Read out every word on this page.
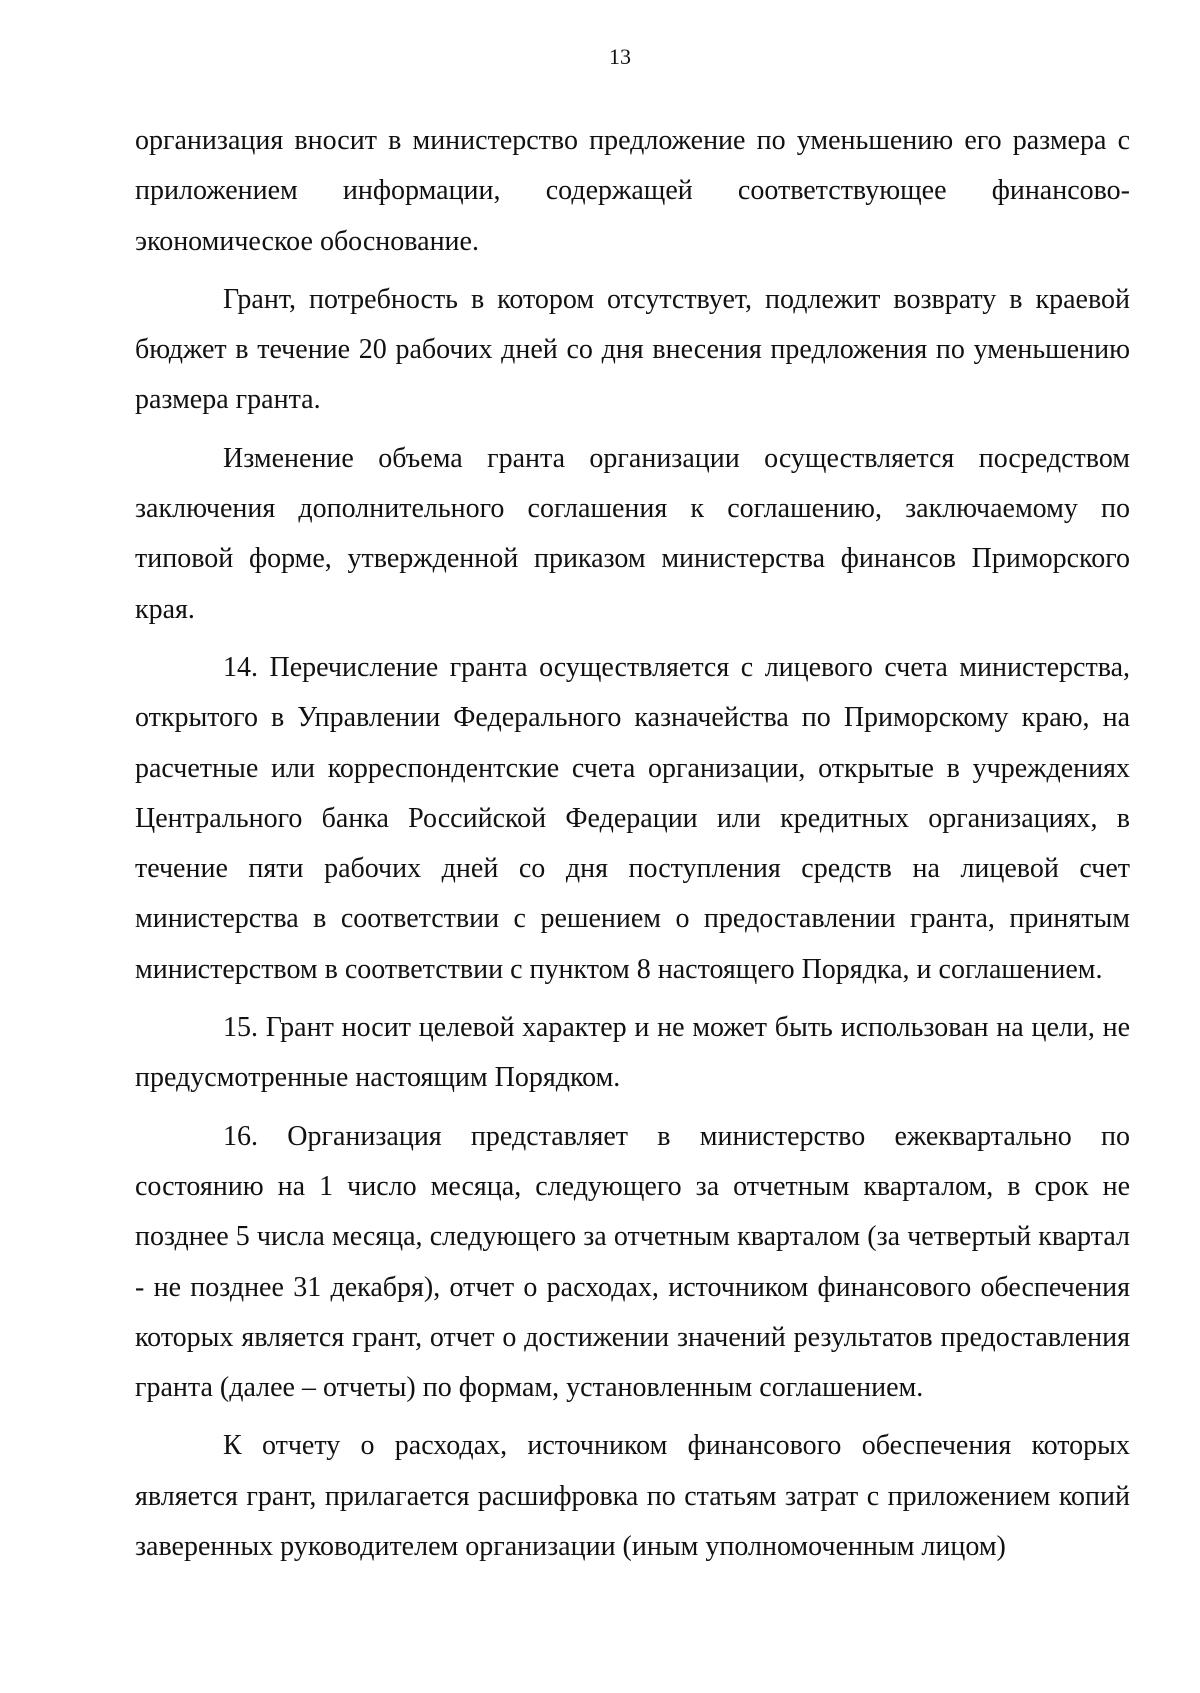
13

организация вносит в министерство предложение по уменьшению его размера с приложением информации, содержащей соответствующее финансово-экономическое обоснование.

Грант, потребность в котором отсутствует, подлежит возврату в краевой бюджет в течение 20 рабочих дней со дня внесения предложения по уменьшению размера гранта.

Изменение объема гранта организации осуществляется посредством заключения дополнительного соглашения к соглашению, заключаемому по типовой форме, утвержденной приказом министерства финансов Приморского края.

14. Перечисление гранта осуществляется с лицевого счета министерства, открытого в Управлении Федерального казначейства по Приморскому краю, на расчетные или корреспондентские счета организации, открытые в учреждениях Центрального банка Российской Федерации или кредитных организациях, в течение пяти рабочих дней со дня поступления средств на лицевой счет министерства в соответствии с решением о предоставлении гранта, принятым министерством в соответствии с пунктом 8 настоящего Порядка, и соглашением.

15. Грант носит целевой характер и не может быть использован на цели, не предусмотренные настоящим Порядком.

16. Организация представляет в министерство ежеквартально по состоянию на 1 число месяца, следующего за отчетным кварталом, в срок не позднее 5 числа месяца, следующего за отчетным кварталом (за четвертый квартал - не позднее 31 декабря), отчет о расходах, источником финансового обеспечения которых является грант, отчет о достижении значений результатов предоставления гранта (далее – отчеты) по формам, установленным соглашением.

К отчету о расходах, источником финансового обеспечения которых является грант, прилагается расшифровка по статьям затрат с приложением копий заверенных руководителем организации (иным уполномоченным лицом)
